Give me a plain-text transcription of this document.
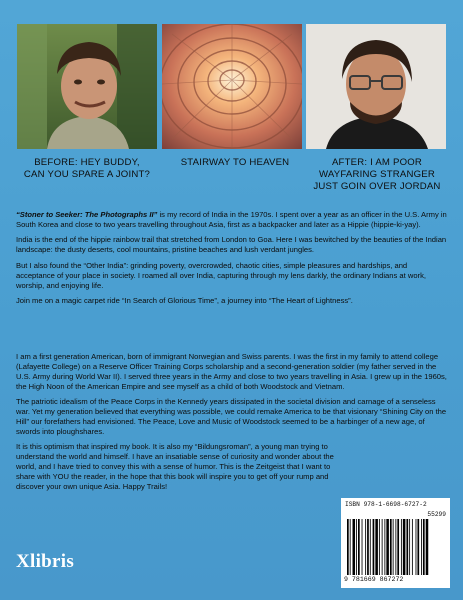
BEFORE: HEY BUDDY,
CAN YOU SPARE A JOINT?
STAIRWAY TO HEAVEN	AFTER: I AM POOR
WAYFARING STRANGER
JUST GOIN OVER JORDAN

“Stoner to Seeker: The Photographs II” is my record of India in the 1970s. I spent over a year as an officer in the U.S. Army in South Korea and close to two years travelling throughout Asia, first as a backpacker and later as a Hippie (hippie-ki-yay).

India is the end of the hippie rainbow trail that stretched from London to Goa. Here I was bewitched by the beauties of the Indian landscape: the dusty deserts, cool mountains, pristine beaches and lush verdant jungles.

But I also found the “Other India”: grinding poverty, overcrowded, chaotic cities, simple pleasures and hardships, and acceptance of your place in society. I roamed all over India, capturing through my lens darkly, the ordinary Indians at work, worship, and enjoying life.

Join me on a magic carpet ride “In Search of Glorious Time”, a journey into “The Heart of Lightness”.

I am a first generation American, born of immigrant Norwegian and Swiss parents. I was the first in my family to attend college (Lafayette College) on a Reserve Officer Training Corps scholarship and a second-generation soldier (my father served in the U.S. Army during World War II). I served three years in the Army and close to two years travelling in Asia. I grew up in the 1960s, the High Noon of the American Empire and see myself as a child of both Woodstock and Vietnam.

The patriotic idealism of the Peace Corps in the Kennedy years dissipated in the societal division and carnage of a senseless war. Yet my generation believed that everything was possible, we could remake America to be that visionary “Shining City on the Hill” our forefathers had envisioned. The Peace, Love and Music of Woodstock seemed to be a harbinger of a new age, of swords into ploughshares.

It is this optimism that inspired my book. It is also my “Bildungsroman”, a young man trying to understand the world and himself. I have an insatiable sense of curiosity and wonder about the world, and I have tried to convey this with a sense of humor. This is the Zeitgeist that I want to share with YOU the reader, in the hope that this book will inspire you to get off your rump and discover your own unique Asia. Happy Trails!

Xlibris
ISBN 978-1-6698-6727-2
55299
9 781669 867272
